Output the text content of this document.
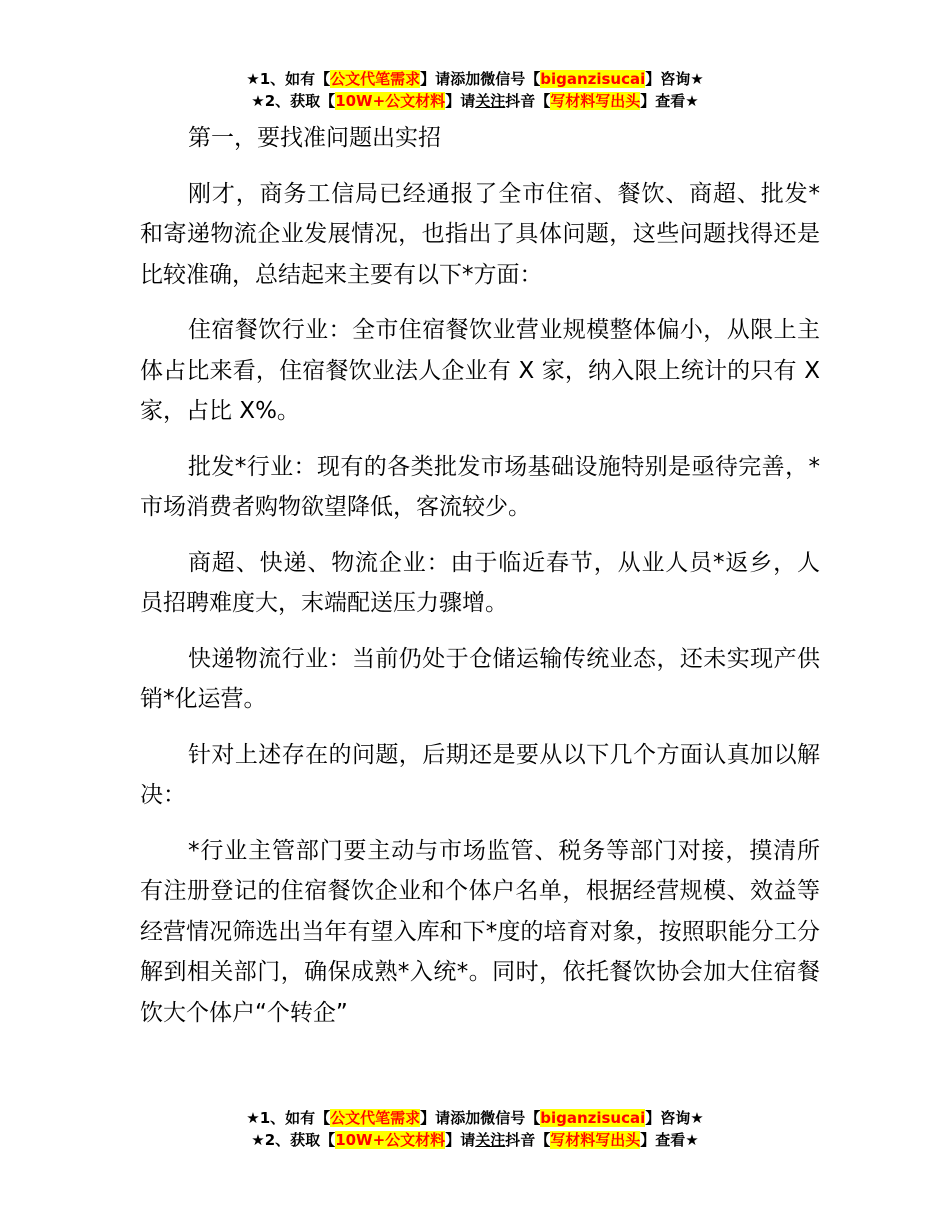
★1、如有【公文代笔需求】请添加微信号【biganzisucai】咨询★
★2、获取【10W+公文材料】请关注抖音【写材料写出头】查看★

第一，要找准问题出实招

刚才，商务工信局已经通报了全市住宿、餐饮、商超、批发*和寄递物流企业发展情况，也指出了具体问题，这些问题找得还是比较准确，总结起来主要有以下*方面：

住宿餐饮行业：全市住宿餐饮业营业规模整体偏小，从限上主体占比来看，住宿餐饮业法人企业有 X 家，纳入限上统计的只有 X 家，占比 X%。

批发*行业：现有的各类批发市场基础设施特别是亟待完善，*市场消费者购物欲望降低，客流较少。

商超、快递、物流企业：由于临近春节，从业人员*返乡，人员招聘难度大，末端配送压力骤增。

快递物流行业：当前仍处于仓储运输传统业态，还未实现产供销*化运营。

针对上述存在的问题，后期还是要从以下几个方面认真加以解决：

*行业主管部门要主动与市场监管、税务等部门对接，摸清所有注册登记的住宿餐饮企业和个体户名单，根据经营规模、效益等经营情况筛选出当年有望入库和下*度的培育对象，按照职能分工分解到相关部门，确保成熟*入统*。同时，依托餐饮协会加大住宿餐饮大个体户“个转企”

★1、如有【公文代笔需求】请添加微信号【biganzisucai】咨询★
★2、获取【10W+公文材料】请关注抖音【写材料写出头】查看★
